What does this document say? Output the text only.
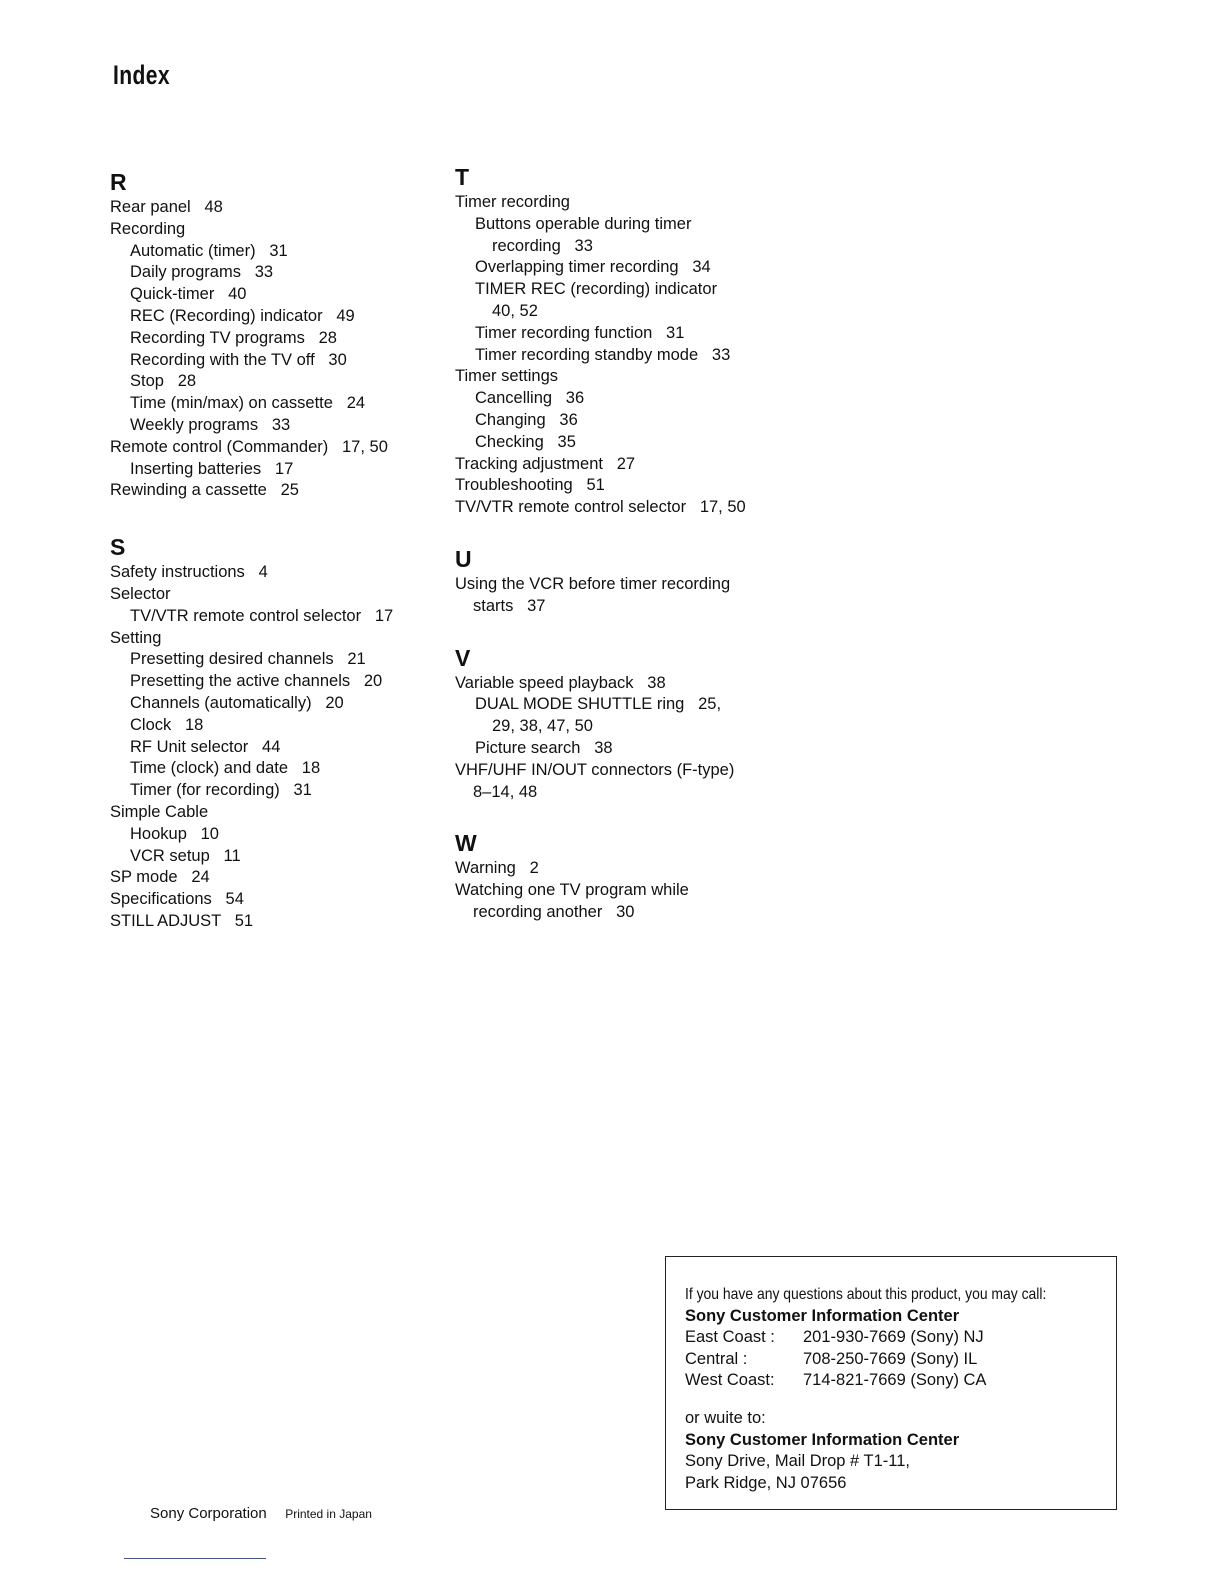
Index
R
Rear panel   48
Recording
Automatic (timer)   31
Daily programs   33
Quick-timer   40
REC (Recording) indicator   49
Recording TV programs   28
Recording with the TV off   30
Stop   28
Time (min/max) on cassette   24
Weekly programs   33
Remote control (Commander)   17, 50
Inserting batteries   17
Rewinding a cassette   25
S
Safety instructions   4
Selector
TV/VTR remote control selector   17
Setting
Presetting desired channels   21
Presetting the active channels   20
Channels (automatically)   20
Clock   18
RF Unit selector   44
Time (clock) and date   18
Timer (for recording)   31
Simple Cable
Hookup   10
VCR setup   11
SP mode   24
Specifications   54
STILL ADJUST   51
T
Timer recording
Buttons operable during timer
recording   33
Overlapping timer recording   34
TIMER REC (recording) indicator
40, 52
Timer recording function   31
Timer recording standby mode   33
Timer settings
Cancelling   36
Changing   36
Checking   35
Tracking adjustment   27
Troubleshooting   51
TV/VTR remote control selector   17, 50
U
Using the VCR before timer recording
starts   37
V
Variable speed playback   38
DUAL MODE SHUTTLE ring   25,
29, 38, 47, 50
Picture search   38
VHF/UHF IN/OUT connectors (F-type)
8–14, 48
W
Warning   2
Watching one TV program while
recording another   30
If you have any questions about this product, you may call:
Sony Customer Information Center
East Coast :	201-930-7669 (Sony) NJ
Central :	708-250-7669 (Sony) IL
West Coast:	714-821-7669 (Sony) CA
or wuite to:
Sony Customer Information Center
Sony Drive, Mail Drop # T1-11,
Park Ridge, NJ 07656
Sony Corporation Printed in Japan
